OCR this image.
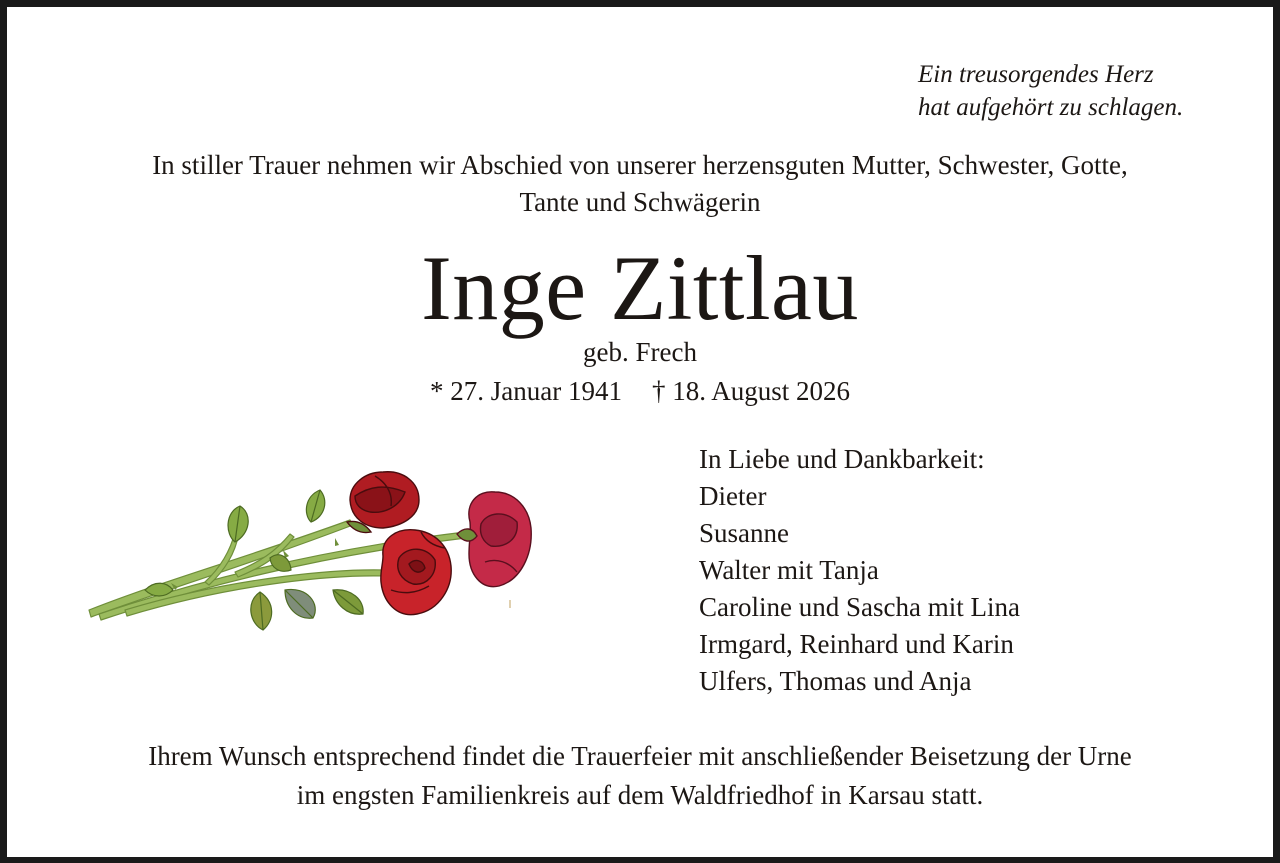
Ein treusorgendes Herz
hat aufgehört zu schlagen.
In stiller Trauer nehmen wir Abschied von unserer herzensguten Mutter, Schwester, Gotte,
Tante und Schwägerin
Inge Zittlau
geb. Frech
* 27. Januar 1941 † 18. August 2026
In Liebe und Dankbarkeit:
Dieter
Susanne
Walter mit Tanja
Caroline und Sascha mit Lina
Irmgard, Reinhard und Karin
Ulfers, Thomas und Anja
Ihrem Wunsch entsprechend findet die Trauerfeier mit anschließender Beisetzung der Urne
im engsten Familienkreis auf dem Waldfriedhof in Karsau statt.
